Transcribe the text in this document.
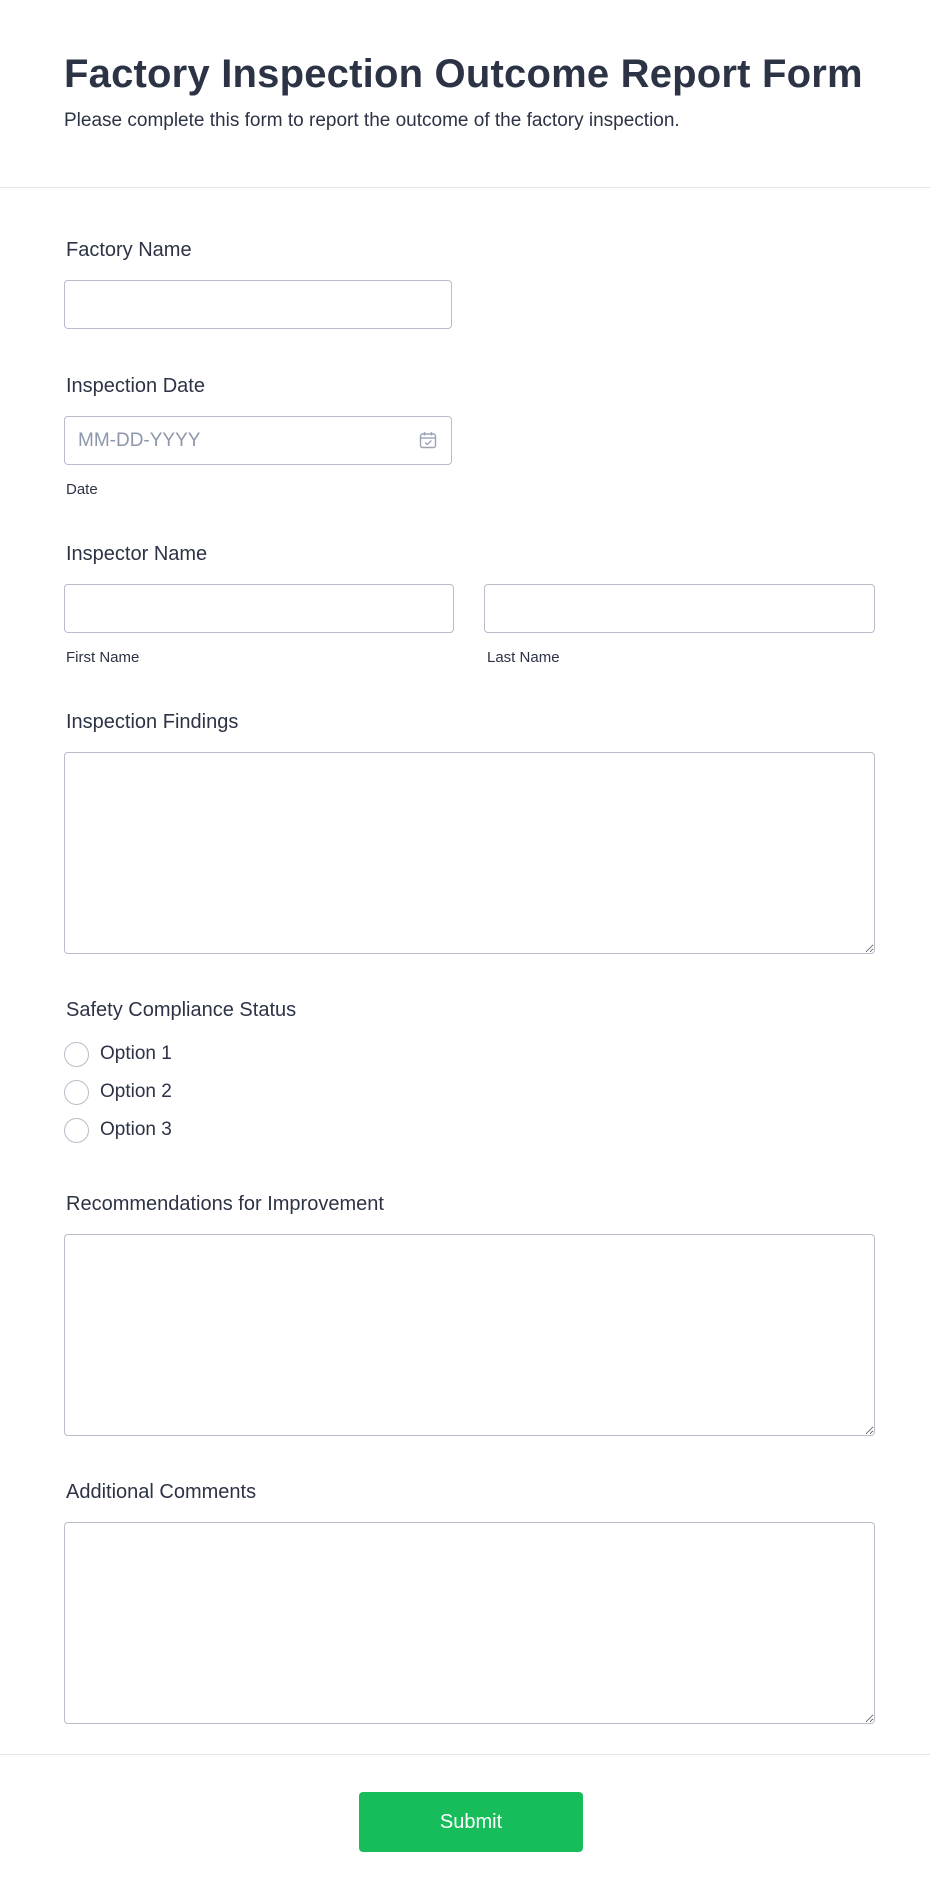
Factory Inspection Outcome Report Form
Please complete this form to report the outcome of the factory inspection.
Factory Name
Inspection Date
MM-DD-YYYY
Date
Inspector Name
First Name	Last Name
Inspection Findings
Safety Compliance Status
Option 1
Option 2
Option 3
Recommendations for Improvement
Additional Comments
Submit
